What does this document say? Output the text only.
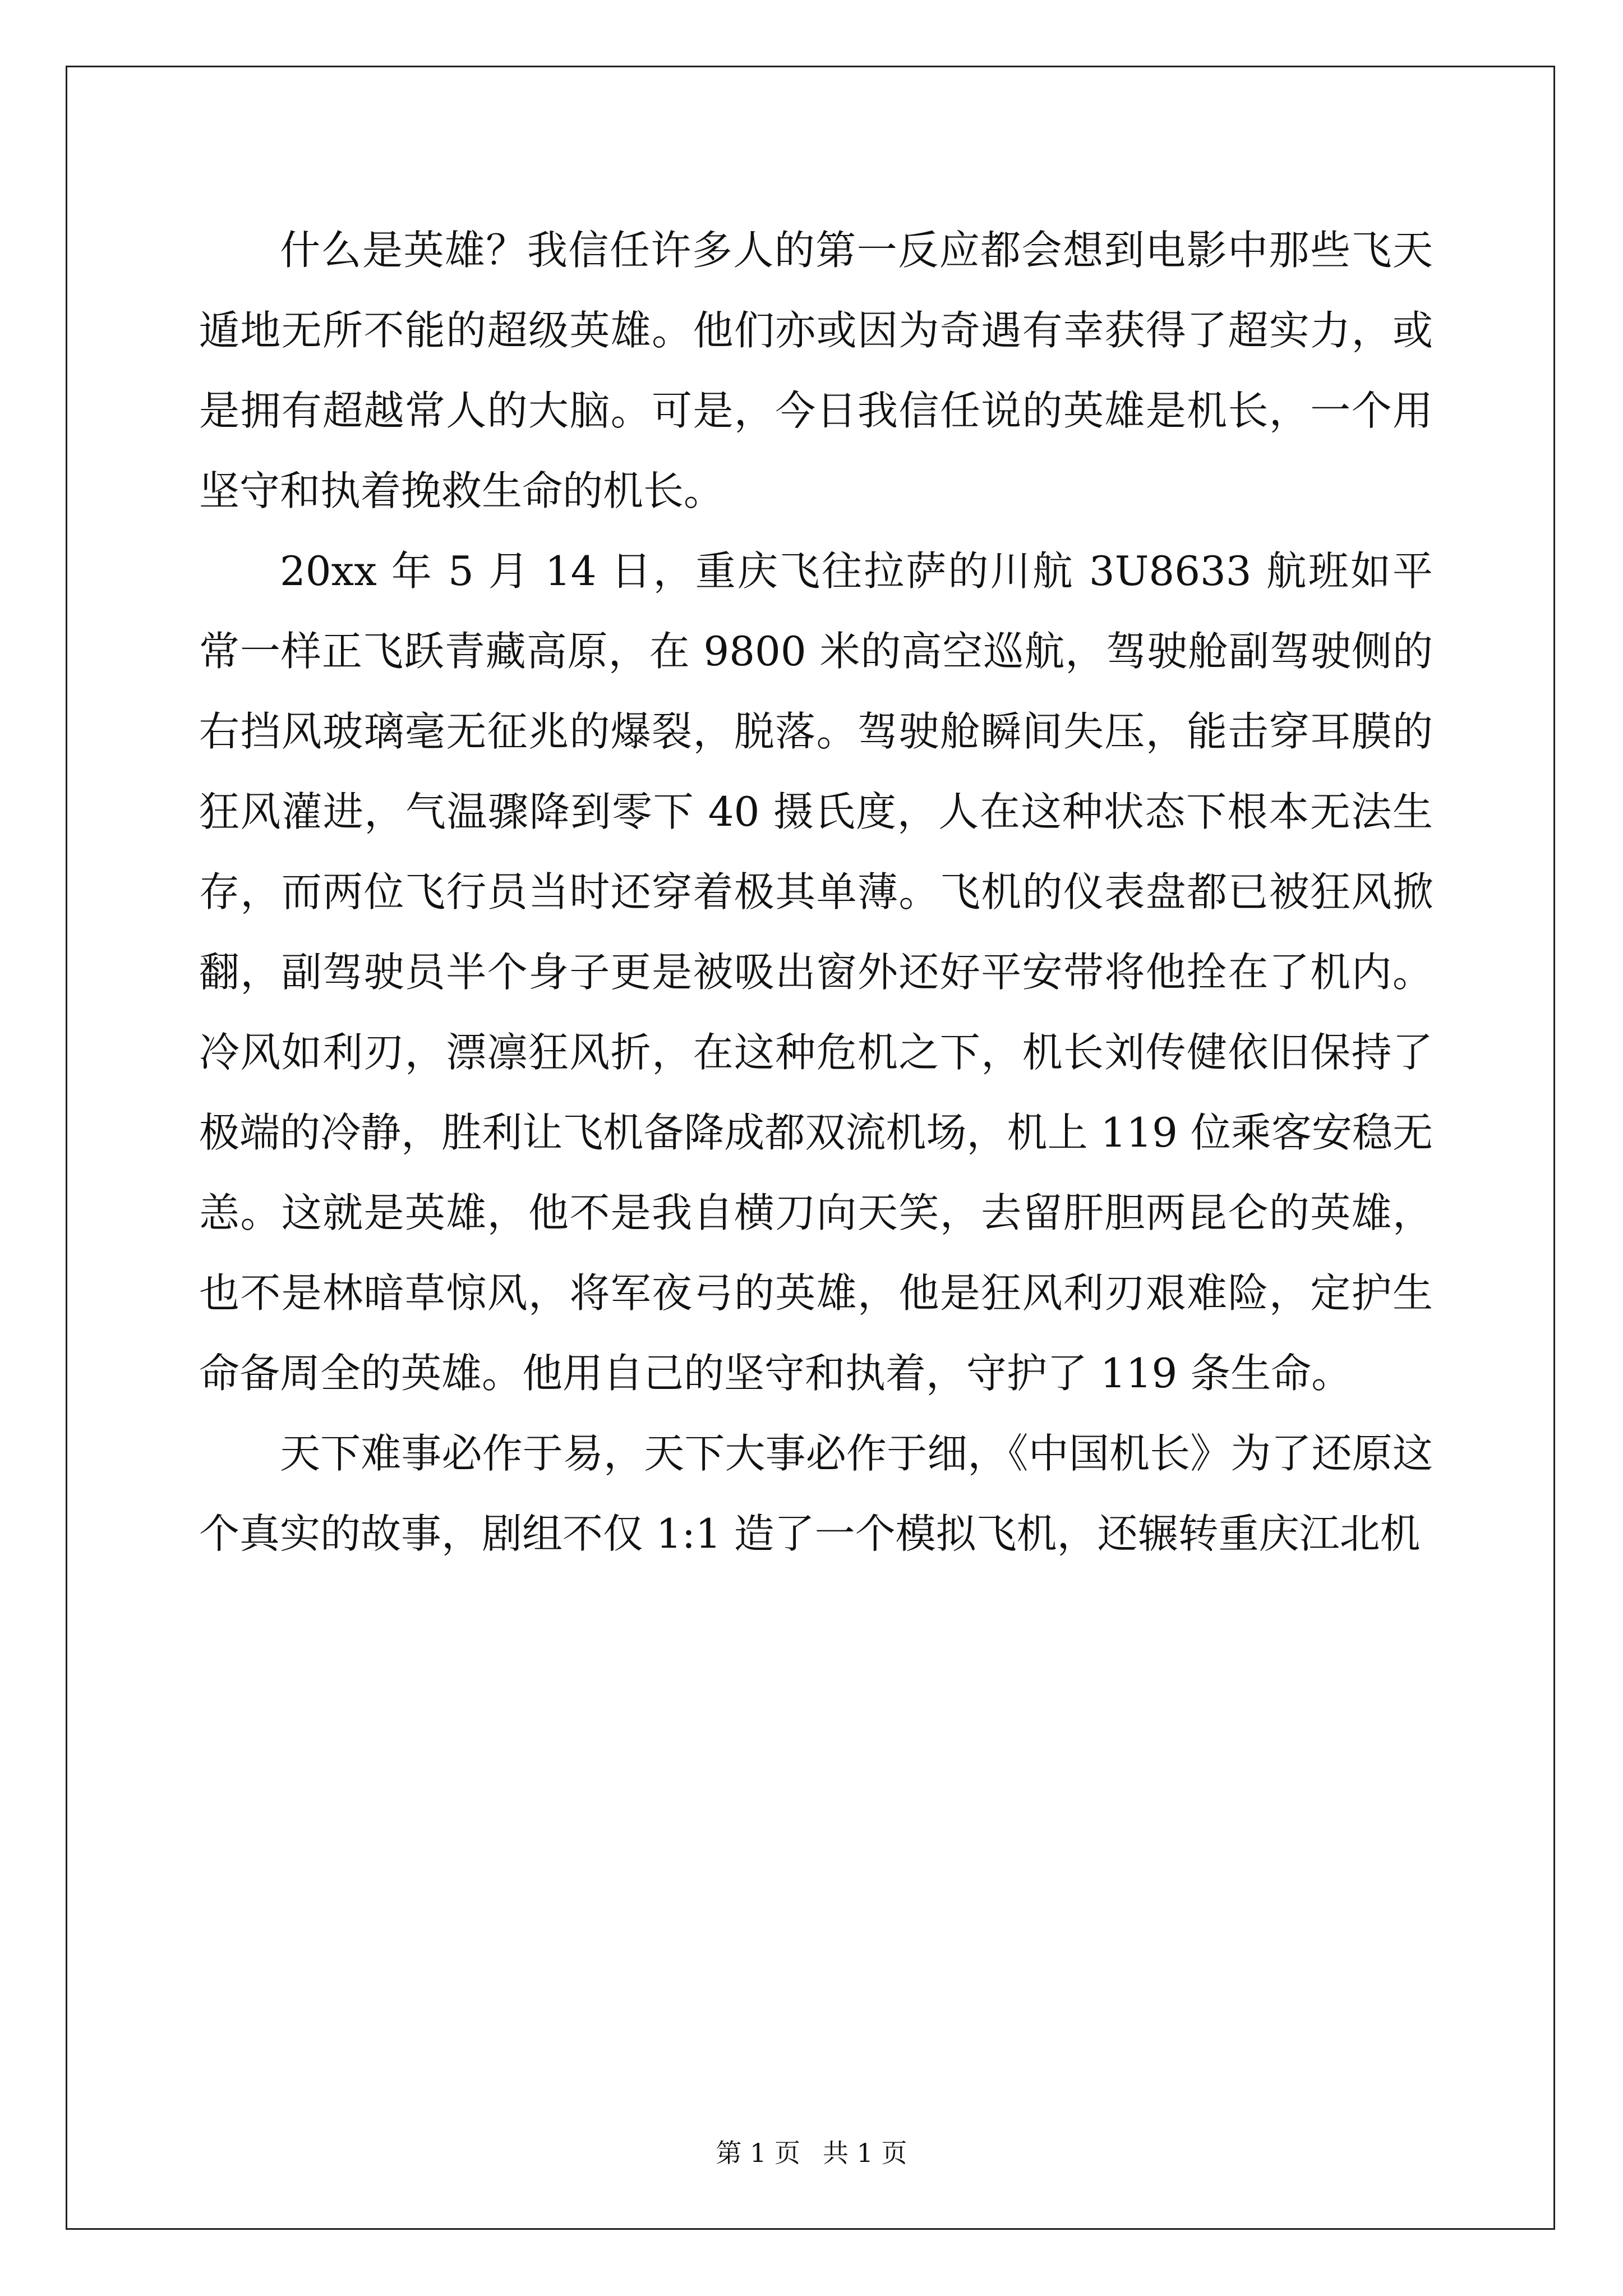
什么是英雄？我信任许多人的第一反应都会想到电影中那些飞天遁地无所不能的超级英雄。他们亦或因为奇遇有幸获得了超实力，或是拥有超越常人的大脑。可是，今日我信任说的英雄是机长，一个用坚守和执着挽救生命的机长。

20xx 年 5 月 14 日，重庆飞往拉萨的川航 3U8633 航班如平常一样正飞跃青藏高原，在 9800 米的高空巡航，驾驶舱副驾驶侧的右挡风玻璃毫无征兆的爆裂，脱落。驾驶舱瞬间失压，能击穿耳膜的狂风灌进，气温骤降到零下 40 摄氏度，人在这种状态下根本无法生存，而两位飞行员当时还穿着极其单薄。飞机的仪表盘都已被狂风掀翻，副驾驶员半个身子更是被吸出窗外还好平安带将他拴在了机内。冷风如利刃，漂凛狂风折，在这种危机之下，机长刘传健依旧保持了极端的冷静，胜利让飞机备降成都双流机场，机上 119 位乘客安稳无恙。这就是英雄，他不是我自横刀向天笑，去留肝胆两昆仑的英雄，也不是林暗草惊风，将军夜弓的英雄，他是狂风利刃艰难险，定护生命备周全的英雄。他用自己的坚守和执着，守护了 119 条生命。

天下难事必作于易，天下大事必作于细，《中国机长》为了还原这个真实的故事，剧组不仅 1:1 造了一个模拟飞机，还辗转重庆江北机

第 1 页 共 1 页
